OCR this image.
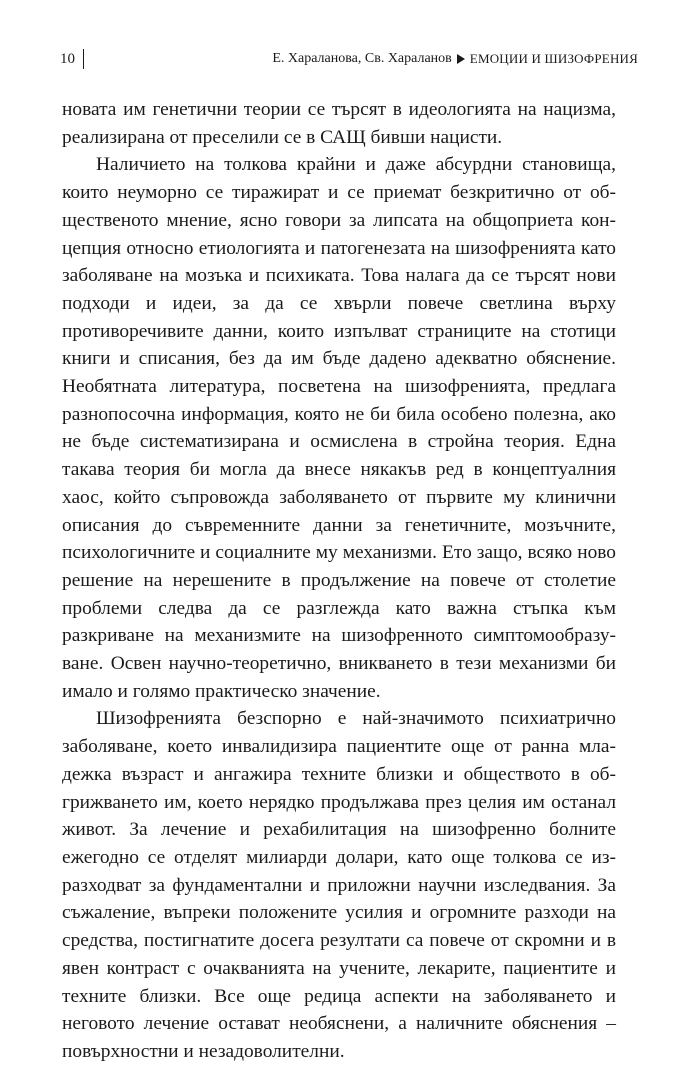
10	Е. Хараланова, Св. Хараланов ЕМОЦИИ И ШИЗОФРЕНИЯ

новата им генетични теории се търсят в идеологията на нацизма, реализирана от преселили се в САЩ бивши нацисти.

Наличието на толкова крайни и даже абсурдни становища, които неуморно се тиражират и се приемат безкритично от общественото мнение, ясно говори за липсата на общоприета концепция относно етиологията и патогенезата на шизофренията като заболяване на мозъка и психиката. Това налага да се търсят нови подходи и идеи, за да се хвърли повече светлина върху противоречивите данни, които изпълват страниците на стотици книги и списания, без да им бъде дадено адекватно обяснение. Необятната литература, посветена на шизофренията, предлага разнопосочна информация, която не би била особено полезна, ако не бъде систематизирана и осмислена в стройна теория. Една такава теория би могла да внесе някакъв ред в концептуалния хаос, който съпровожда заболяването от първите му клинични описания до съвременните данни за генетичните, мозъчните, психологичните и социалните му механизми. Ето защо, всяко ново решение на нерешените в продължение на повече от столетие проблеми следва да се разглежда като важна стъпка към разкриване на механизмите на шизофренното симптомообразуване. Освен научно-теоретично, вникването в тези механизми би имало и голямо практическо значение.

Шизофренията безспорно е най-значимото психиатрично заболяване, което инвалидизира пациентите още от ранна младежка възраст и ангажира техните близки и обществото в обгрижването им, което нерядко продължава през целия им останал живот. За лечение и рехабилитация на шизофренно болните ежегодно се отделят милиарди долари, като още толкова се изразходват за фундаментални и приложни научни изследвания. За съжаление, въпреки положените усилия и огромните разходи на средства, постигнатите досега резултати са повече от скромни и в явен контраст с очакванията на учените, лекарите, пациентите и техните близки. Все още редица аспекти на заболяването и неговото лечение остават необяснени, а наличните обяснения – повърхностни и незадоволителни.
